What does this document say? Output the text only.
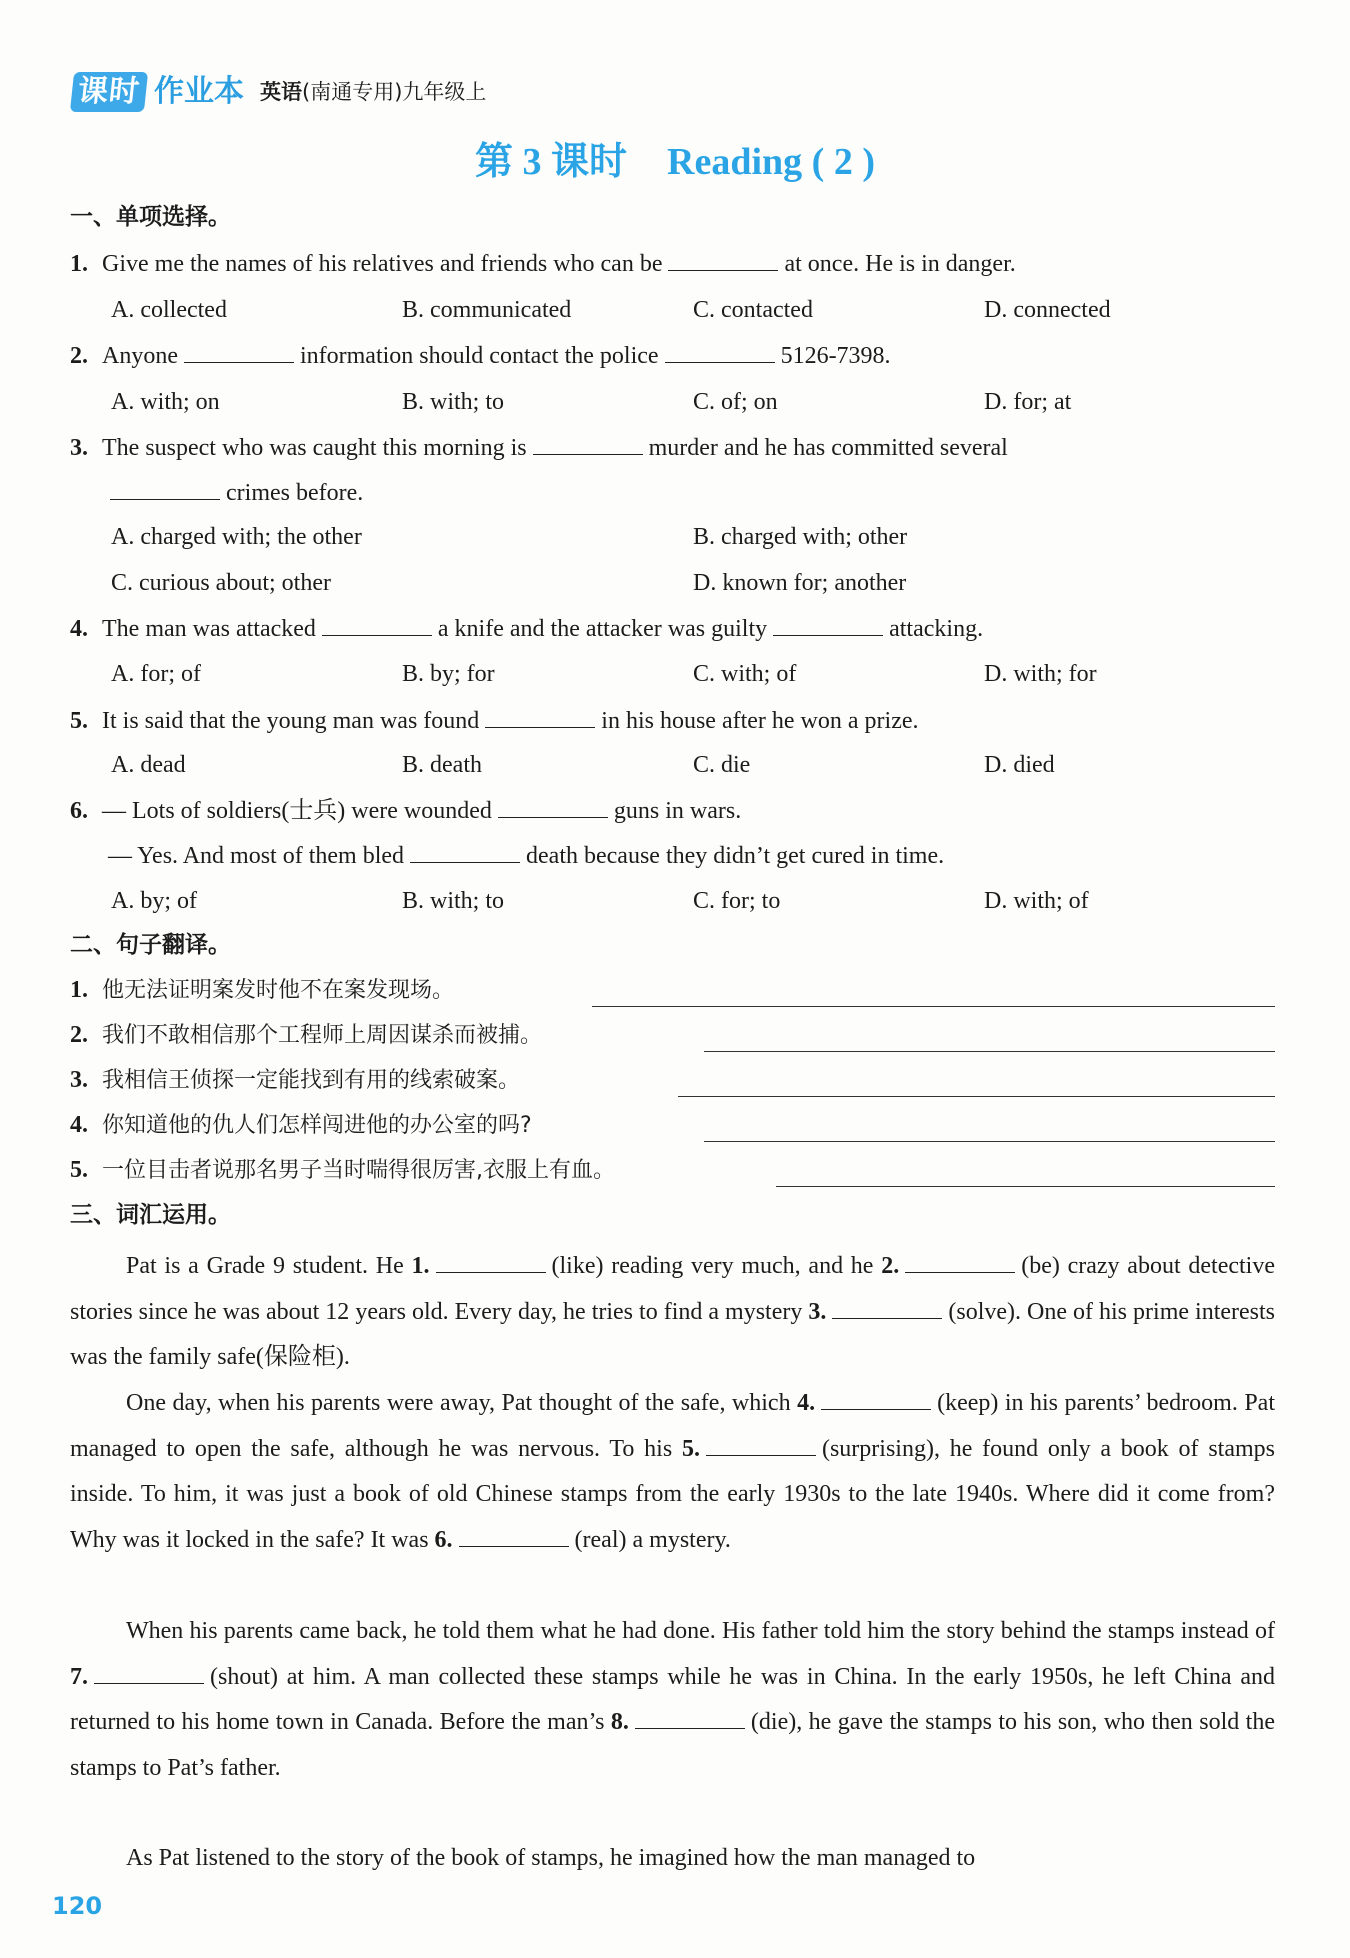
课时 作业本 英语(南通专用)九年级上
第 3 课时 Reading ( 2 )
一、单项选择。
1. Give me the names of his relatives and friends who can be	at once. He is in danger.
A. collected	B. communicated	C. contacted	D. connected
2. Anyone	information should contact the police	5126-7398.
A. with; on	B. with; to	C. of; on	D. for; at
3. The suspect who was caught this morning is	murder and he has committed several
crimes before.
A. charged with; the other	B. charged with; other
C. curious about; other	D. known for; another
4. The man was attacked	a knife and the attacker was guilty	attacking.
A. for; of	B. by; for	C. with; of	D. with; for
5. It is said that the young man was found	in his house after he won a prize.
A. dead	B. death	C. die	D. died
6. — Lots of soldiers(士兵) were wounded	guns in wars.
— Yes. And most of them bled	death because they didn’t get cured in time.
A. by; of	B. with; to	C. for; to	D. with; of
二、句子翻译。
1. 他无法证明案发时他不在案发现场。
2. 我们不敢相信那个工程师上周因谋杀而被捕。
3. 我相信王侦探一定能找到有用的线索破案。
4. 你知道他的仇人们怎样闯进他的办公室的吗?
5. 一位目击者说那名男子当时喘得很厉害,衣服上有血。
三、词汇运用。
Pat is a Grade 9 student. He 1.	(like) reading very much, and he 2.	(be) crazy about detective stories since he was about 12 years old. Every day, he tries to find a mystery 3.	(solve). One of his prime interests was the family safe(保险柜).
One day, when his parents were away, Pat thought of the safe, which 4.	(keep) in his parents’ bedroom. Pat managed to open the safe, although he was nervous. To his 5.	(surprising), he found only a book of stamps inside. To him, it was just a book of old Chinese stamps from the early 1930s to the late 1940s. Where did it come from? Why was it locked in the safe? It was 6.	(real) a mystery.
When his parents came back, he told them what he had done. His father told him the story behind the stamps instead of 7.	(shout) at him. A man collected these stamps while he was in China. In the early 1950s, he left China and returned to his home town in Canada. Before the man’s 8.	(die), he gave the stamps to his son, who then sold the stamps to Pat’s father.
As Pat listened to the story of the book of stamps, he imagined how the man managed to
120
